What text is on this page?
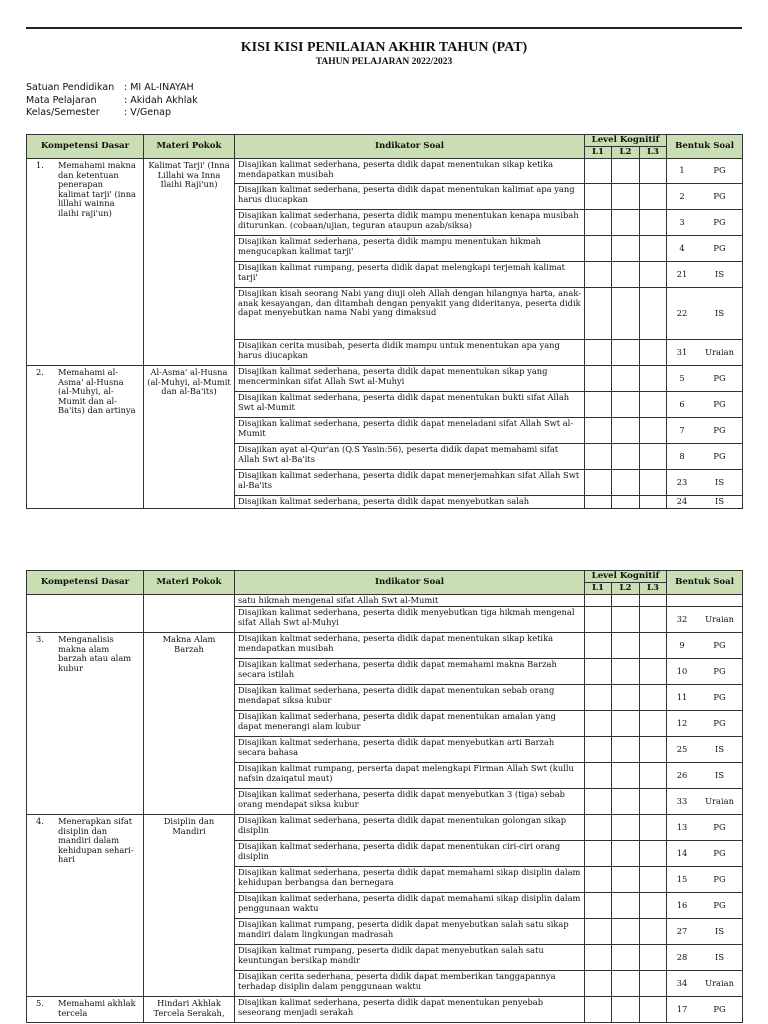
KISI KISI PENILAIAN AKHIR TAHUN (PAT)
TAHUN PELAJARAN 2022/2023
Satuan Pendidikan : MI AL-INAYAH
Mata Pelajaran	: Akidah Akhlak
Kelas/Semester	: V/Genap
Kompetensi Dasar	Materi Pokok	Indikator Soal	Level Kognitif			Bentuk Soal
			L1	L2	L3	

1. Memahami makna dan ketentuan penerapan kalimat tarji' (inna lillahi wainna ilaihi raji'un)	Kalimat Tarji' (Inna Lillahi wa Inna Ilaihi Raji'un)	Disajikan kalimat sederhana, peserta didik dapat menentukan sikap ketika mendapatkan musibah				1 PG

		Disajikan kalimat sederhana, peserta didik dapat menentukan kalimat apa yang harus diucapkan				2 PG

		Disajikan kalimat sederhana, peserta didik mampu menentukan kenapa musibah diturunkan. (cobaan/ujian, teguran ataupun azab/siksa)				3 PG

		Disajikan kalimat sederhana, peserta didik mampu menentukan hikmah mengucapkan kalimat tarji'				4 PG

		Disajikan kalimat rumpang, peserta didik dapat melengkapi terjemah kalimat tarji'				21 IS

		Disajikan kisah seorang Nabi yang diuji oleh Allah dengan hilangnya harta, anak-anak kesayangan, dan ditambah dengan penyakit yang dideritanya, peserta didik dapat menyebutkan nama Nabi yang dimaksud				22 IS

		Disajikan cerita musibah, peserta didik mampu untuk menentukan apa yang harus diucapkan				31 Uraian

2. Memahami al-Asma' al-Husna (al-Muhyi, al-Mumit dan al-Ba'its) dan artinya	Al-Asma' al-Husna (al-Muhyi, al-Mumit dan al-Ba'its)	Disajikan kalimat sederhana, peserta didik dapat menentukan sikap yang mencerminkan sifat Allah Swt al-Muhyi				5 PG

		Disajikan kalimat sederhana, peserta didik dapat menentukan bukti sifat Allah Swt al-Mumit				6 PG

		Disajikan kalimat sederhana, peserta didik dapat meneladani sifat Allah Swt al-Mumit				7 PG

		Disajikan ayat al-Qur'an (Q.S Yasin:56), peserta didik dapat memahami sifat Allah Swt al-Ba'its				8 PG

		Disajikan kalimat sederhana, peserta didik dapat menerjemahkan sifat Allah Swt al-Ba'its				23 IS

		Disajikan kalimat sederhana, peserta didik dapat menyebutkan salah				24 IS
Kompetensi Dasar	Materi Pokok	Indikator Soal	Level Kognitif			Bentuk Soal
			L1	L2	L3	

		satu hikmah mengenal sifat Allah Swt al-Mumit				

		Disajikan kalimat sederhana, peserta didik menyebutkan tiga hikmah mengenal sifat Allah Swt al-Muhyi				32 Uraian

3. Menganalisis makna alam barzah atau alam kubur	Makna Alam Barzah	Disajikan kalimat sederhana, peserta didik dapat menentukan sikap ketika mendapatkan musibah				9 PG

		Disajikan kalimat sederhana, peserta didik dapat memahami makna Barzah secara istilah				10 PG

		Disajikan kalimat sederhana, peserta didik dapat menentukan sebab orang mendapat siksa kubur				11 PG

		Disajikan kalimat sederhana, peserta didik dapat menentukan amalan yang dapat menerangi alam kubur				12 PG

		Disajikan kalimat sederhana, peserta didik dapat menyebutkan arti Barzah secara bahasa				25 IS

		Disajikan kalimat rumpang, perserta dapat melengkapi Firman Allah Swt (kullu nafsin dzaiqatul maut)				26 IS

		Disajikan kalimat sederhana, peserta didik dapat menyebutkan 3 (tiga) sebab orang mendapat siksa kubur				33 Uraian

4. Menerapkan sifat disiplin dan mandiri dalam kehidupan sehari-hari	Disiplin dan Mandiri	Disajikan kalimat sederhana, peserta didik dapat menentukan golongan sikap disiplin				13 PG

		Disajikan kalimat sederhana, peserta didik dapat menentukan ciri-ciri orang disiplin				14 PG

		Disajikan kalimat sederhana, peserta didik dapat memahami sikap disiplin dalam kehidupan berbangsa dan bernegara				15 PG

		Disajikan kalimat sederhana, peserta didik dapat memahami sikap disiplin dalam penggunaan waktu				16 PG

		Disajikan kalimat rumpang, peserta didik dapat menyebutkan salah satu sikap mandiri dalam lingkungan madrasah				27 IS

		Disajikan kalimat rumpang, peserta didik dapat menyebutkan salah satu keuntungan bersikap mandir				28 IS

		Disajikan cerita sederhana, peserta didik dapat memberikan tanggapannya terhadap disiplin dalam penggunaan waktu				34 Uraian

5. Memahami akhlak tercela	Hindari Akhlak Tercela Serakah,	Disajikan kalimat sederhana, peserta didik dapat menentukan penyebab seseorang menjadi serakah				17 PG
